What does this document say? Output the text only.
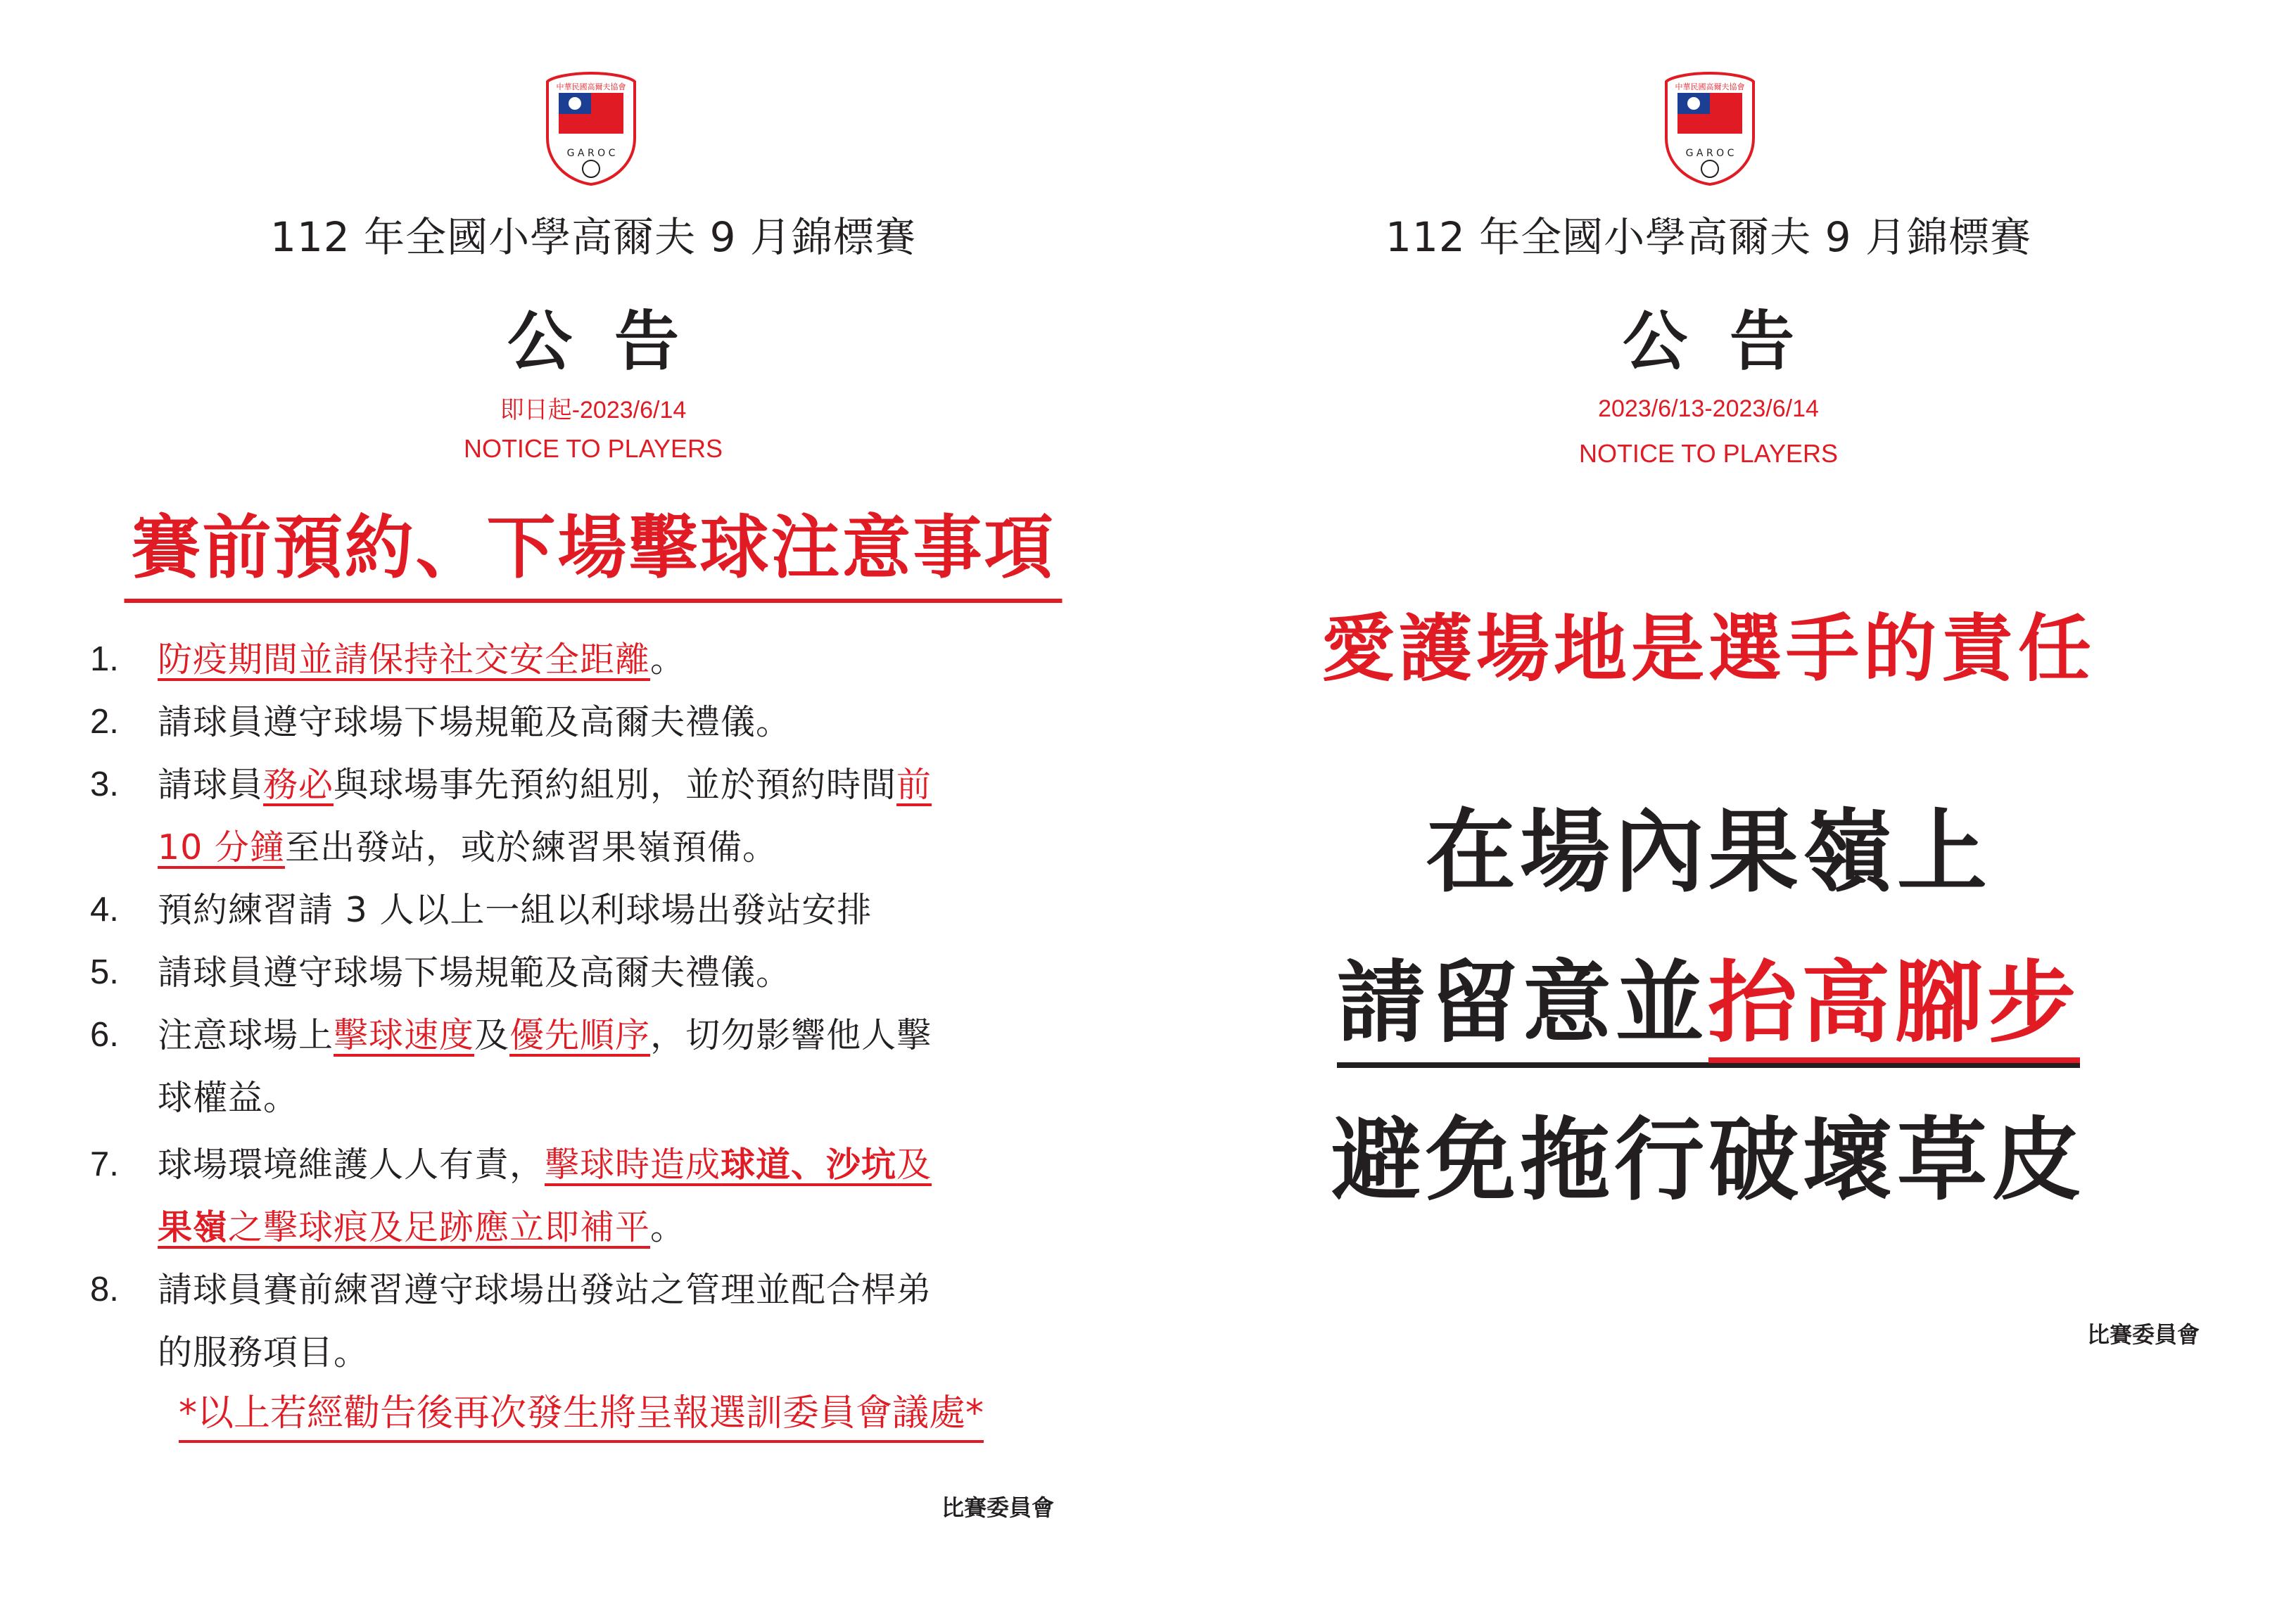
中華民國高爾夫協會
G A R O C
112 年全國小學高爾夫 9 月錦標賽
公告
即日起-2023/6/14
NOTICE TO PLAYERS
賽前預約、下場擊球注意事項
1.	防疫期間並請保持社交安全距離。
2.	請球員遵守球場下場規範及高爾夫禮儀。
3.	請球員務必與球場事先預約組別，並於預約時間前
10 分鐘至出發站，或於練習果嶺預備。
4.	預約練習請 3 人以上一組以利球場出發站安排
5.	請球員遵守球場下場規範及高爾夫禮儀。
6.	注意球場上擊球速度及優先順序，切勿影響他人擊
球權益。
7.	球場環境維護人人有責，擊球時造成球道、沙坑及
果嶺之擊球痕及足跡應立即補平。
8.	請球員賽前練習遵守球場出發站之管理並配合桿弟
的服務項目。
*以上若經勸告後再次發生將呈報選訓委員會議處*
比賽委員會
中華民國高爾夫協會
G A R O C
112 年全國小學高爾夫 9 月錦標賽
公告
2023/6/13-2023/6/14
NOTICE TO PLAYERS
愛護場地是選手的責任
在場內果嶺上
請留意並抬高腳步
避免拖行破壞草皮
比賽委員會
